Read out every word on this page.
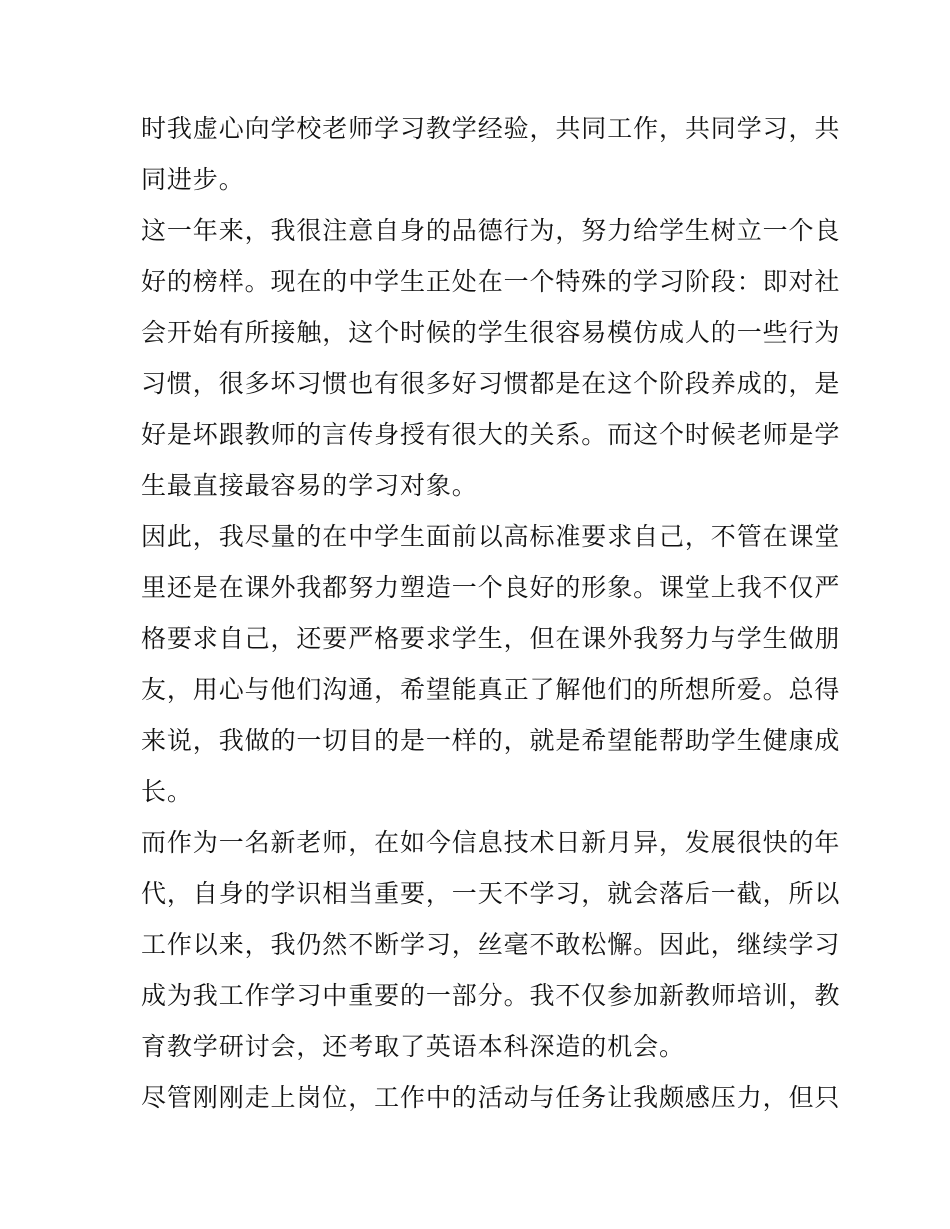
时我虚心向学校老师学习教学经验，共同工作，共同学习，共
同进步。
这一年来，我很注意自身的品德行为，努力给学生树立一个良
好的榜样。现在的中学生正处在一个特殊的学习阶段：即对社
会开始有所接触，这个时候的学生很容易模仿成人的一些行为
习惯，很多坏习惯也有很多好习惯都是在这个阶段养成的，是
好是坏跟教师的言传身授有很大的关系。而这个时候老师是学
生最直接最容易的学习对象。
因此，我尽量的在中学生面前以高标准要求自己，不管在课堂
里还是在课外我都努力塑造一个良好的形象。课堂上我不仅严
格要求自己，还要严格要求学生，但在课外我努力与学生做朋
友，用心与他们沟通，希望能真正了解他们的所想所爱。总得
来说，我做的一切目的是一样的，就是希望能帮助学生健康成
长。
而作为一名新老师，在如今信息技术日新月异，发展很快的年
代，自身的学识相当重要，一天不学习，就会落后一截，所以
工作以来，我仍然不断学习，丝毫不敢松懈。因此，继续学习
成为我工作学习中重要的一部分。我不仅参加新教师培训，教
育教学研讨会，还考取了英语本科深造的机会。
尽管刚刚走上岗位，工作中的活动与任务让我颇感压力，但只
